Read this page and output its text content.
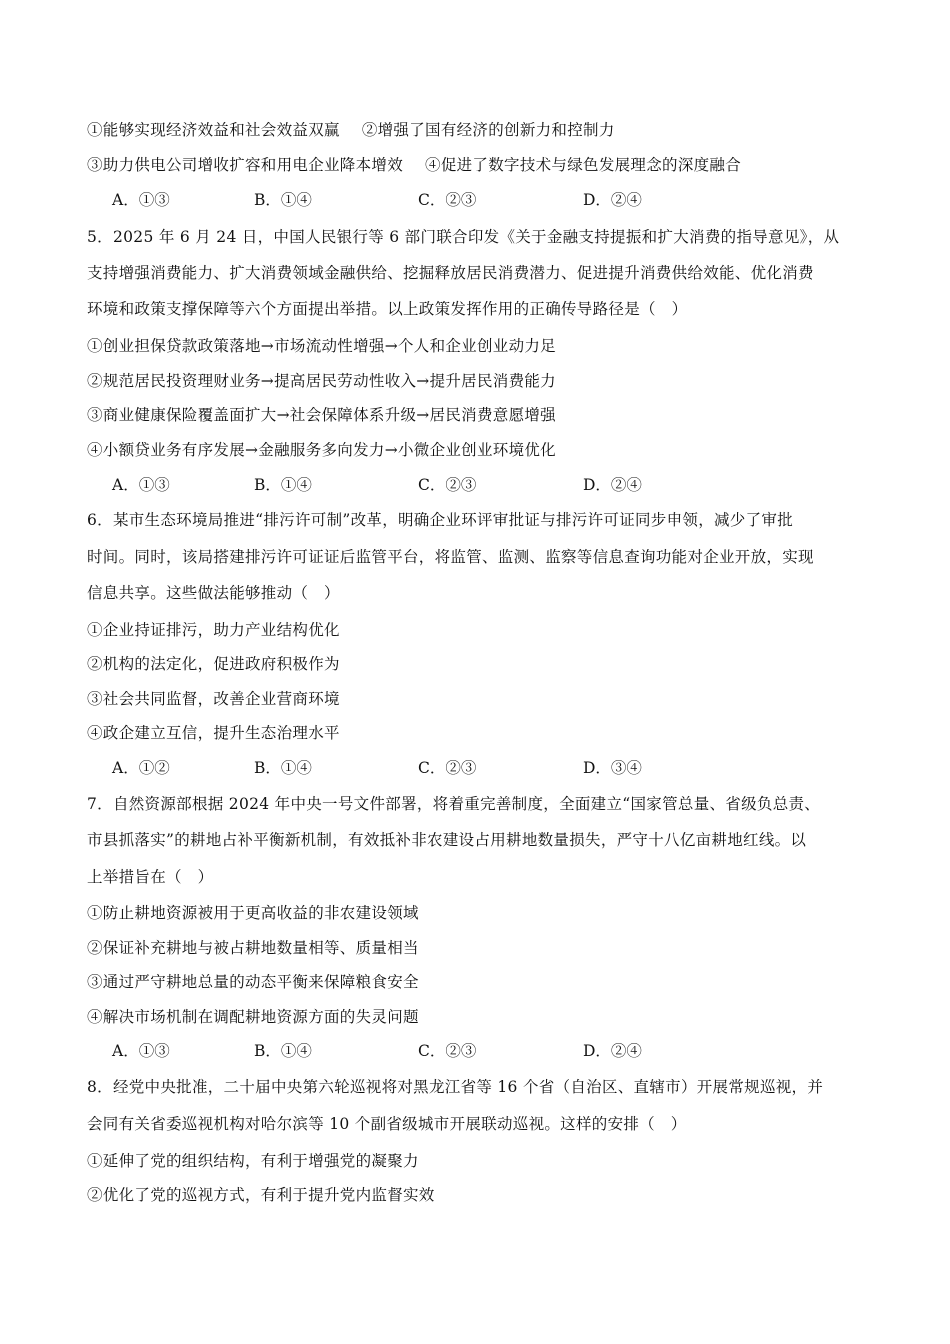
①能够实现经济效益和社会效益双赢 ②增强了国有经济的创新力和控制力
③助力供电公司增收扩容和用电企业降本增效 ④促进了数字技术与绿色发展理念的深度融合
A．①③	B．①④	C．②③	D．②④
5．2025 年 6 月 24 日，中国人民银行等 6 部门联合印发《关于金融支持提振和扩大消费的指导意见》，从
支持增强消费能力、扩大消费领域金融供给、挖掘释放居民消费潜力、促进提升消费供给效能、优化消费
环境和政策支撑保障等六个方面提出举措。以上政策发挥作用的正确传导路径是（　）
①创业担保贷款政策落地→市场流动性增强→个人和企业创业动力足
②规范居民投资理财业务→提高居民劳动性收入→提升居民消费能力
③商业健康保险覆盖面扩大→社会保障体系升级→居民消费意愿增强
④小额贷业务有序发展→金融服务多向发力→小微企业创业环境优化
A．①③	B．①④	C．②③	D．②④
6．某市生态环境局推进“排污许可制”改革，明确企业环评审批证与排污许可证同步申领，减少了审批
时间。同时，该局搭建排污许可证证后监管平台，将监管、监测、监察等信息查询功能对企业开放，实现
信息共享。这些做法能够推动（　）
①企业持证排污，助力产业结构优化
②机构的法定化，促进政府积极作为
③社会共同监督，改善企业营商环境
④政企建立互信，提升生态治理水平
A．①②	B．①④	C．②③	D．③④
7．自然资源部根据 2024 年中央一号文件部署，将着重完善制度，全面建立“国家管总量、省级负总责、
市县抓落实”的耕地占补平衡新机制，有效抵补非农建设占用耕地数量损失，严守十八亿亩耕地红线。以
上举措旨在（　）
①防止耕地资源被用于更高收益的非农建设领域
②保证补充耕地与被占耕地数量相等、质量相当
③通过严守耕地总量的动态平衡来保障粮食安全
④解决市场机制在调配耕地资源方面的失灵问题
A．①③	B．①④	C．②③	D．②④
8．经党中央批准，二十届中央第六轮巡视将对黑龙江省等 16 个省（自治区、直辖市）开展常规巡视，并
会同有关省委巡视机构对哈尔滨等 10 个副省级城市开展联动巡视。这样的安排（　）
①延伸了党的组织结构，有利于增强党的凝聚力
②优化了党的巡视方式，有利于提升党内监督实效
